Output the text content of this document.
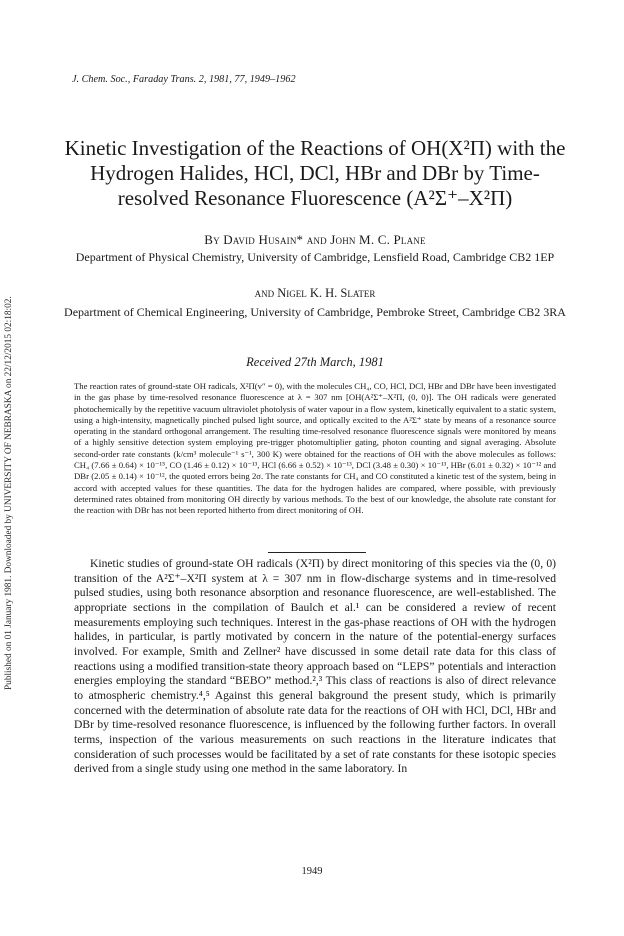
Published on 01 January 1981. Downloaded by UNIVERSITY OF NEBRASKA on 22/12/2015 02:18:02.
J. Chem. Soc., Faraday Trans. 2, 1981, 77, 1949–1962
Kinetic Investigation of the Reactions of OH(X²Π) with the Hydrogen Halides, HCl, DCl, HBr and DBr by Time-resolved Resonance Fluorescence (A²Σ⁺–X²Π)
By David Husain* and John M. C. Plane
Department of Physical Chemistry, University of Cambridge, Lensfield Road, Cambridge CB2 1EP
and Nigel K. H. Slater
Department of Chemical Engineering, University of Cambridge, Pembroke Street, Cambridge CB2 3RA
Received 27th March, 1981

The reaction rates of ground-state OH radicals, X²Π(v″ = 0), with the molecules CH₄, CO, HCl, DCl, HBr and DBr have been investigated in the gas phase by time-resolved resonance fluorescence at λ = 307 nm [OH(A²Σ⁺–X²Π, (0, 0)]. The OH radicals were generated photochemically by the repetitive vacuum ultraviolet photolysis of water vapour in a flow system, kinetically equivalent to a static system, using a high-intensity, magnetically pinched pulsed light source, and optically excited to the A²Σ⁺ state by means of a resonance source operating in the standard orthogonal arrangement. The resulting time-resolved resonance fluorescence signals were monitored by means of a highly sensitive detection system employing pre-trigger photomultiplier gating, photon counting and signal averaging. Absolute second-order rate constants (k/cm³ molecule⁻¹ s⁻¹, 300 K) were obtained for the reactions of OH with the above molecules as follows: CH₄ (7.66 ± 0.64) × 10⁻¹⁵, CO (1.46 ± 0.12) × 10⁻¹³, HCl (6.66 ± 0.52) × 10⁻¹³, DCl (3.48 ± 0.30) × 10⁻¹³, HBr (6.01 ± 0.32) × 10⁻¹² and DBr (2.05 ± 0.14) × 10⁻¹², the quoted errors being 2σ. The rate constants for CH₄ and CO constituted a kinetic test of the system, being in accord with accepted values for these quantities. The data for the hydrogen halides are compared, where possible, with previously determined rates obtained from monitoring OH directly by various methods. To the best of our knowledge, the absolute rate constant for the reaction with DBr has not been reported hitherto from direct monitoring of OH.

Kinetic studies of ground-state OH radicals (X²Π) by direct monitoring of this species via the (0, 0) transition of the A²Σ⁺–X²Π system at λ = 307 nm in flow-discharge systems and in time-resolved pulsed studies, using both resonance absorption and resonance fluorescence, are well-established. The appropriate sections in the compilation of Baulch et al.¹ can be considered a review of recent measurements employing such techniques. Interest in the gas-phase reactions of OH with the hydrogen halides, in particular, is partly motivated by concern in the nature of the potential-energy surfaces involved. For example, Smith and Zellner² have discussed in some detail rate data for this class of reactions using a modified transition-state theory approach based on “LEPS” potentials and interaction energies employing the standard “BEBO” method.²,³ This class of reactions is also of direct relevance to atmospheric chemistry.⁴,⁵ Against this general bakground the present study, which is primarily concerned with the determination of absolute rate data for the reactions of OH with HCl, DCl, HBr and DBr by time-resolved resonance fluorescence, is influenced by the following further factors. In overall terms, inspection of the various measurements on such reactions in the literature indicates that consideration of such processes would be facilitated by a set of rate constants for these isotopic species derived from a single study using one method in the same laboratory. In

1949
